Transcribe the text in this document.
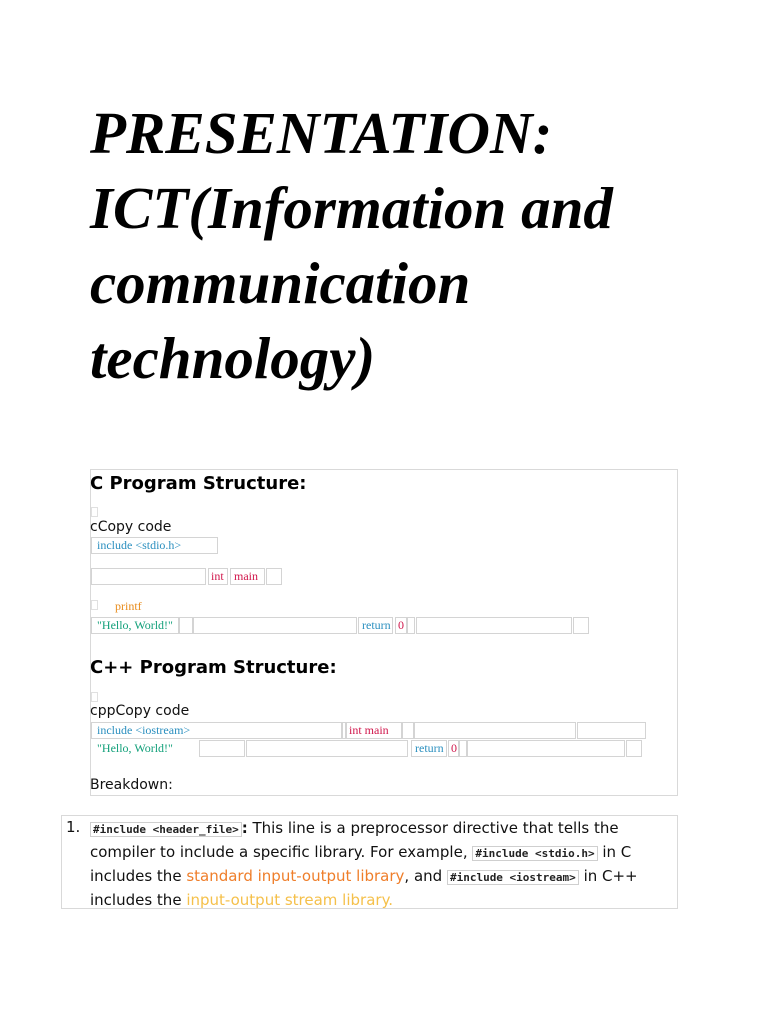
PRESENTATION:
ICT(Information and
communication
technology)
C Program Structure:
cCopy code
include <stdio.h>
int main
printf
"Hello, World!"	return 0
C++ Program Structure:
cppCopy code
include <iostream>	int main
"Hello, World!"	return 0
Breakdown:
1. #include <header_file> : This line is a preprocessor directive that tells the compiler to include a specific library. For example, #include <stdio.h> in C includes the standard input-output library, and #include <iostream> in C++ includes the input-output stream library.
